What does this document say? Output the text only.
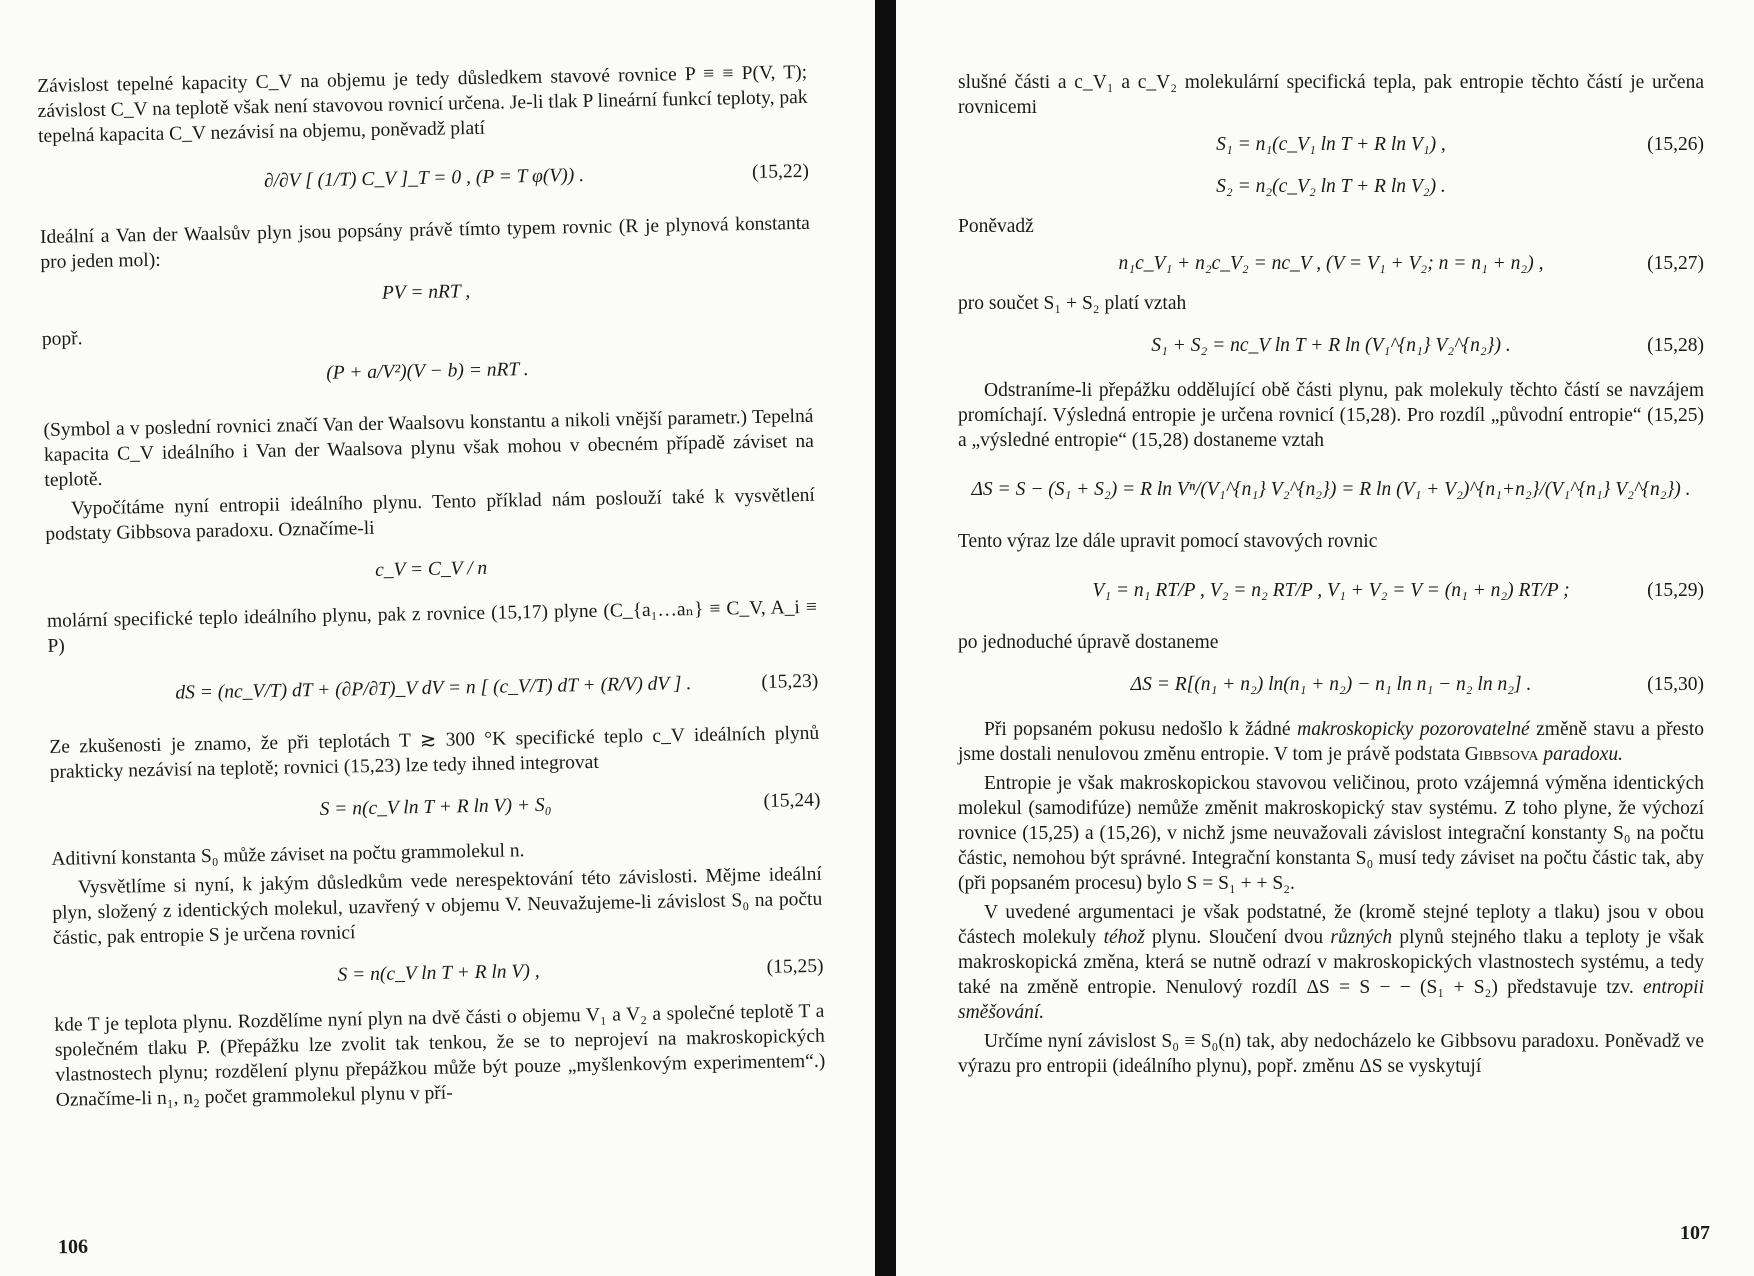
Závislost tepelné kapacity C_V na objemu je tedy důsledkem stavové rovnice P ≡ ≡ P(V, T); závislost C_V na teplotě však není stavovou rovnicí určena. Je-li tlak P lineární funkcí teploty, pak tepelná kapacita C_V nezávisí na objemu, poněvadž platí

∂/∂V [ (1/T) C_V ]_T = 0 , (P = T φ(V)) .	(15,22)

Ideální a Van der Waalsův plyn jsou popsány právě tímto typem rovnic (R je plynová konstanta pro jeden mol):

PV = nRT ,

popř.

(P + a/V²)(V − b) = nRT .

(Symbol a v poslední rovnici značí Van der Waalsovu konstantu a nikoli vnější parametr.) Tepelná kapacita C_V ideálního i Van der Waalsova plynu však mohou v obecném případě záviset na teplotě.

Vypočítáme nyní entropii ideálního plynu. Tento příklad nám poslouží také k vysvětlení podstaty Gibbsova paradoxu. Označíme-li

c_V = C_V / n

molární specifické teplo ideálního plynu, pak z rovnice (15,17) plyne (C_{a₁…aₙ} ≡ C_V, A_i ≡ P)

dS = (nc_V/T) dT + (∂P/∂T)_V dV = n [ (c_V/T) dT + (R/V) dV ] .	(15,23)

Ze zkušenosti je znamo, že při teplotách T ≳ 300 °K specifické teplo c_V ideálních plynů prakticky nezávisí na teplotě; rovnici (15,23) lze tedy ihned integrovat

S = n(c_V ln T + R ln V) + S₀	(15,24)

Aditivní konstanta S₀ může záviset na počtu grammolekul n.

Vysvětlíme si nyní, k jakým důsledkům vede nerespektování této závislosti. Mějme ideální plyn, složený z identických molekul, uzavřený v objemu V. Neuvažujeme-li závislost S₀ na počtu částic, pak entropie S je určena rovnicí

S = n(c_V ln T + R ln V) ,	(15,25)

kde T je teplota plynu. Rozdělíme nyní plyn na dvě části o objemu V₁ a V₂ a společné teplotě T a společném tlaku P. (Přepážku lze zvolit tak tenkou, že se to neprojeví na makroskopických vlastnostech plynu; rozdělení plynu přepážkou může být pouze „myšlenkovým experimentem“.) Označíme-li n₁, n₂ počet grammolekul plynu v pří-

106

slušné části a c_V₁ a c_V₂ molekulární specifická tepla, pak entropie těchto částí je určena rovnicemi

S₁ = n₁(c_V₁ ln T + R ln V₁) ,	(15,26)
S₂ = n₂(c_V₂ ln T + R ln V₂) .

Poněvadž

n₁c_V₁ + n₂c_V₂ = nc_V , (V = V₁ + V₂; n = n₁ + n₂) ,	(15,27)

pro součet S₁ + S₂ platí vztah

S₁ + S₂ = nc_V ln T + R ln (V₁^{n₁} V₂^{n₂}) .	(15,28)

Odstraníme-li přepážku oddělující obě části plynu, pak molekuly těchto částí se navzájem promíchají. Výsledná entropie je určena rovnicí (15,28). Pro rozdíl „původní entropie“ (15,25) a „výsledné entropie“ (15,28) dostaneme vztah

ΔS = S − (S₁ + S₂) = R ln Vⁿ/(V₁^{n₁} V₂^{n₂}) = R ln (V₁ + V₂)^{n₁+n₂}/(V₁^{n₁} V₂^{n₂}) .

Tento výraz lze dále upravit pomocí stavových rovnic

V₁ = n₁ RT/P , V₂ = n₂ RT/P , V₁ + V₂ = V = (n₁ + n₂) RT/P ;	(15,29)

po jednoduché úpravě dostaneme

ΔS = R[(n₁ + n₂) ln(n₁ + n₂) − n₁ ln n₁ − n₂ ln n₂] .	(15,30)

Při popsaném pokusu nedošlo k žádné makroskopicky pozorovatelné změně stavu a přesto jsme dostali nenulovou změnu entropie. V tom je právě podstata Gibbsova paradoxu.

Entropie je však makroskopickou stavovou veličinou, proto vzájemná výměna identických molekul (samodifúze) nemůže změnit makroskopický stav systému. Z toho plyne, že výchozí rovnice (15,25) a (15,26), v nichž jsme neuvažovali závislost integrační konstanty S₀ na počtu částic, nemohou být správné. Integrační konstanta S₀ musí tedy záviset na počtu částic tak, aby (při popsaném procesu) bylo S = S₁ + + S₂.

V uvedené argumentaci je však podstatné, že (kromě stejné teploty a tlaku) jsou v obou částech molekuly téhož plynu. Sloučení dvou různých plynů stejného tlaku a teploty je však makroskopická změna, která se nutně odrazí v makroskopických vlastnostech systému, a tedy také na změně entropie. Nenulový rozdíl ΔS = S − − (S₁ + S₂) představuje tzv. entropii směšování.

Určíme nyní závislost S₀ ≡ S₀(n) tak, aby nedocházelo ke Gibbsovu paradoxu. Poněvadž ve výrazu pro entropii (ideálního plynu), popř. změnu ΔS se vyskytují

107
